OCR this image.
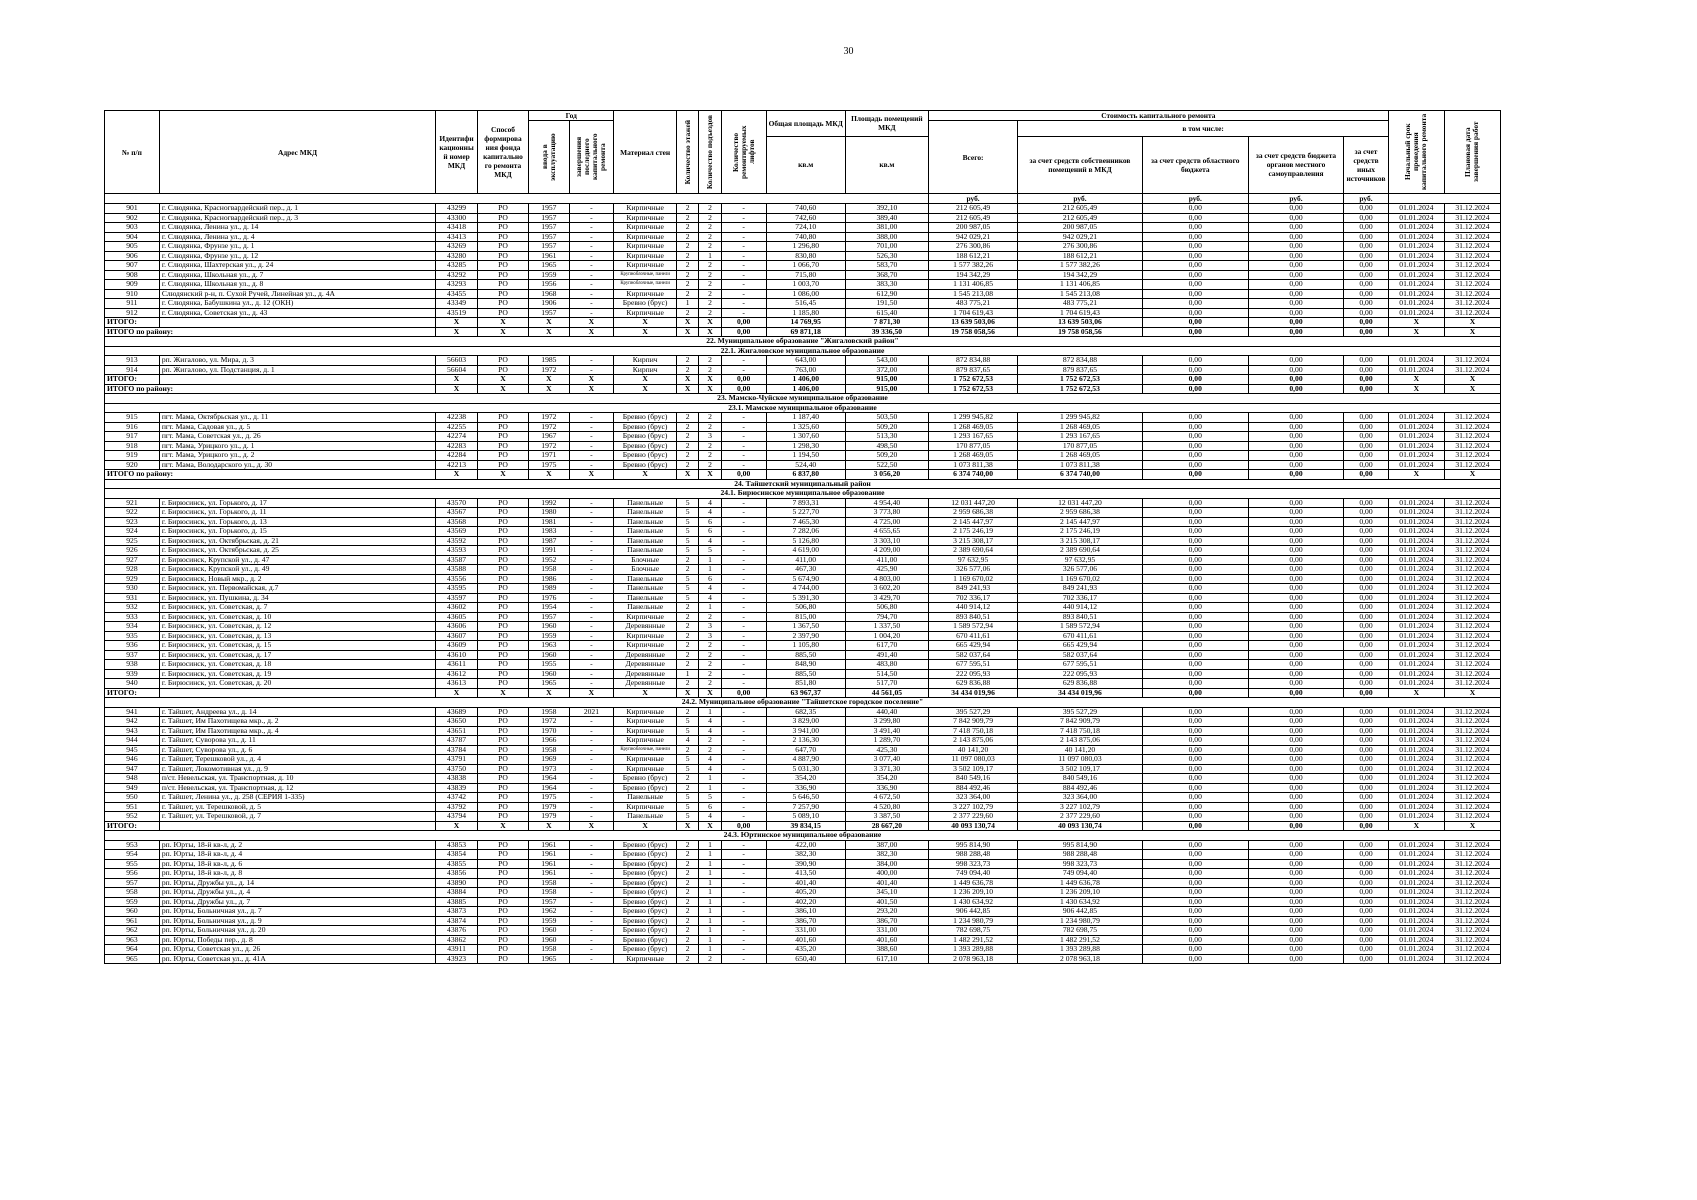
30
№ п/п	Адрес МКД	Идентифи кационны й номер МКД	Способ формирова ния фонда капитально го ремонта МКД	Год		Материал стен	Количество этажей	Количество подъездов	Количество ремонтируемых лифтов	Общая площадь МКД	Площадь помещений МКД	Стоимость капитального ремонта					Начальный срок проведения капитального ремонта	Плановая дата завершения работ

				ввода в эксплуатацию	завершения последнего капитального ремонта							Всего:	в том числе:					
										кв.м	кв.м		за счет средств собственников помещений в МКД	за счет средств областного бюджета	за счет средств бюджета органов местного самоуправления	за счет средств иных источников		
												руб.	руб.	руб.	руб.	руб.		
901	г. Слюдянка, Красногвардейский пер., д. 1	43299	РО	1957	-	Кирпичные	2	2	-	740,60	392,10	212 605,49	212 605,49	0,00	0,00	0,00	01.01.2024	31.12.2024
902	г. Слюдянка, Красногвардейский пер., д. 3	43300	РО	1957	-	Кирпичные	2	2	-	742,60	389,40	212 605,49	212 605,49	0,00	0,00	0,00	01.01.2024	31.12.2024
903	г. Слюдянка, Ленина ул., д. 14	43418	РО	1957	-	Кирпичные	2	2	-	724,10	381,00	200 987,05	200 987,05	0,00	0,00	0,00	01.01.2024	31.12.2024
904	г. Слюдянка, Ленина ул., д. 4	43413	РО	1957	-	Кирпичные	2	2	-	740,80	388,00	942 029,21	942 029,21	0,00	0,00	0,00	01.01.2024	31.12.2024
905	г. Слюдянка, Фрунзе ул., д. 1	43269	РО	1957	-	Кирпичные	2	2	-	1 296,80	701,00	276 300,86	276 300,86	0,00	0,00	0,00	01.01.2024	31.12.2024
906	г. Слюдянка, Фрунзе ул., д. 12	43280	РО	1961	-	Кирпичные	2	1	-	830,80	526,30	188 612,21	188 612,21	0,00	0,00	0,00	01.01.2024	31.12.2024
907	г. Слюдянка, Шахтерская ул., д. 24	43285	РО	1965	-	Кирпичные	2	2	-	1 066,70	583,70	1 577 382,26	1 577 382,26	0,00	0,00	0,00	01.01.2024	31.12.2024
908	г. Слюдянка, Школьная ул., д. 7	43292	РО	1959	-	Крупноблочные, панели	2	2	-	715,80	368,70	194 342,29	194 342,29	0,00	0,00	0,00	01.01.2024	31.12.2024
909	г. Слюдянка, Школьная ул., д. 8	43293	РО	1956	-	Крупноблочные, панели	2	2	-	1 003,70	383,30	1 131 406,85	1 131 406,85	0,00	0,00	0,00	01.01.2024	31.12.2024
910	Слюдянский р-н, п. Сухой Ручей, Линейная ул., д. 4А	43455	РО	1968	-	Кирпичные	2	2	-	1 086,00	612,90	1 545 213,08	1 545 213,08	0,00	0,00	0,00	01.01.2024	31.12.2024
911	г. Слюдянка, Бабушкина ул., д. 12 (ОКН)	43349	РО	1906	-	Бревно (брус)	1	2	-	516,45	191,50	483 775,21	483 775,21	0,00	0,00	0,00	01.01.2024	31.12.2024
912	г. Слюдянка, Советская ул., д. 43	43519	РО	1957	-	Кирпичные	2	2	-	1 185,80	615,40	1 704 619,43	1 704 619,43	0,00	0,00	0,00	01.01.2024	31.12.2024
ИТОГО:		X	X	X	X	X	X	X	0,00	14 769,95	7 871,30	13 639 503,06	13 639 503,06	0,00	0,00	0,00	X	X
ИТОГО по району:		X	X	X	X	X	X	X	0,00	69 871,18	39 336,50	19 758 058,56	19 758 058,56	0,00	0,00	0,00	X	X
22. Муниципальное образование "Жигаловский район"																		
22.1. Жигаловское муниципальное образование																		
913	рп. Жигалово, ул. Мира, д. 3	56603	РО	1985	-	Кирпич	2	2	-	643,00	543,00	872 834,88	872 834,88	0,00	0,00	0,00	01.01.2024	31.12.2024
914	рп. Жигалово, ул. Подстанция, д. 1	56604	РО	1972	-	Кирпич	2	2	-	763,00	372,00	879 837,65	879 837,65	0,00	0,00	0,00	01.01.2024	31.12.2024
ИТОГО:		X	X	X	X	X	X	X	0,00	1 406,00	915,00	1 752 672,53	1 752 672,53	0,00	0,00	0,00	X	X
ИТОГО по району:		X	X	X	X	X	X	X	0,00	1 406,00	915,00	1 752 672,53	1 752 672,53	0,00	0,00	0,00	X	X
23. Мамско-Чуйское муниципальное образование																		
23.1. Мамское муниципальное образование																		
915	пгт. Мама, Октябрьская ул., д. 11	42238	РО	1972	-	Бревно (брус)	2	2	-	1 187,40	503,50	1 299 945,82	1 299 945,82	0,00	0,00	0,00	01.01.2024	31.12.2024
916	пгт. Мама, Садовая ул., д. 5	42255	РО	1972	-	Бревно (брус)	2	2	-	1 325,60	509,20	1 268 469,05	1 268 469,05	0,00	0,00	0,00	01.01.2024	31.12.2024
917	пгт. Мама, Советская ул., д. 26	42274	РО	1967	-	Бревно (брус)	2	3	-	1 307,60	513,30	1 293 167,65	1 293 167,65	0,00	0,00	0,00	01.01.2024	31.12.2024
918	пгт. Мама, Урицкого ул., д. 1	42283	РО	1972	-	Бревно (брус)	2	2	-	1 298,30	498,50	170 877,05	170 877,05	0,00	0,00	0,00	01.01.2024	31.12.2024
919	пгт. Мама, Урицкого ул., д. 2	42284	РО	1971	-	Бревно (брус)	2	2	-	1 194,50	509,20	1 268 469,05	1 268 469,05	0,00	0,00	0,00	01.01.2024	31.12.2024
920	пгт. Мама, Володарского ул., д. 30	42213	РО	1975	-	Бревно (брус)	2	2	-	524,40	522,50	1 073 811,38	1 073 811,38	0,00	0,00	0,00	01.01.2024	31.12.2024
ИТОГО по району:		X	X	X	X	X	X	X	0,00	6 837,80	3 056,20	6 374 740,00	6 374 740,00	0,00	0,00	0,00	X	X
24. Тайшетский муниципальный район																		
24.1. Бирюсинское муниципальное образование																		
921	г. Бирюсинск, ул. Горького, д. 17	43570	РО	1992	-	Панельные	5	4	-	7 893,31	4 954,40	12 031 447,20	12 031 447,20	0,00	0,00	0,00	01.01.2024	31.12.2024
922	г. Бирюсинск, ул. Горького, д. 11	43567	РО	1980	-	Панельные	5	4	-	5 227,70	3 773,80	2 959 686,38	2 959 686,38	0,00	0,00	0,00	01.01.2024	31.12.2024
923	г. Бирюсинск, ул. Горького, д. 13	43568	РО	1981	-	Панельные	5	6	-	7 465,30	4 725,00	2 145 447,97	2 145 447,97	0,00	0,00	0,00	01.01.2024	31.12.2024
924	г. Бирюсинск, ул. Горького, д. 15	43569	РО	1983	-	Панельные	5	6	-	7 282,06	4 655,65	2 175 246,19	2 175 246,19	0,00	0,00	0,00	01.01.2024	31.12.2024
925	г. Бирюсинск, ул. Октябрьская, д. 21	43592	РО	1987	-	Панельные	5	4	-	5 126,80	3 303,10	3 215 308,17	3 215 308,17	0,00	0,00	0,00	01.01.2024	31.12.2024
926	г. Бирюсинск, ул. Октябрьская, д. 25	43593	РО	1991	-	Панельные	5	5	-	4 619,00	4 209,00	2 389 690,64	2 389 690,64	0,00	0,00	0,00	01.01.2024	31.12.2024
927	г. Бирюсинск, Крупской ул., д. 47	43587	РО	1952	-	Блочные	2	1	-	411,00	411,00	97 632,95	97 632,95	0,00	0,00	0,00	01.01.2024	31.12.2024
928	г. Бирюсинск, Крупской ул., д. 49	43588	РО	1958	-	Блочные	2	1	-	467,30	425,90	326 577,06	326 577,06	0,00	0,00	0,00	01.01.2024	31.12.2024
929	г. Бирюсинск, Новый мкр., д. 2	43556	РО	1986	-	Панельные	5	6	-	5 674,90	4 803,00	1 169 670,02	1 169 670,02	0,00	0,00	0,00	01.01.2024	31.12.2024
930	г. Бирюсинск, ул. Первомайская, д.7	43595	РО	1989	-	Панельные	5	4	-	4 744,00	3 602,20	849 241,93	849 241,93	0,00	0,00	0,00	01.01.2024	31.12.2024
931	г. Бирюсинск, ул. Пушкина, д. 34	43597	РО	1976	-	Панельные	5	4	-	5 391,30	3 429,70	702 336,17	702 336,17	0,00	0,00	0,00	01.01.2024	31.12.2024
932	г. Бирюсинск, ул. Советская, д. 7	43602	РО	1954	-	Панельные	2	1	-	506,80	506,80	440 914,12	440 914,12	0,00	0,00	0,00	01.01.2024	31.12.2024
933	г. Бирюсинск, ул. Советская, д. 10	43605	РО	1957	-	Кирпичные	2	2	-	815,00	794,70	893 840,51	893 840,51	0,00	0,00	0,00	01.01.2024	31.12.2024
934	г. Бирюсинск, ул. Советская, д. 12	43606	РО	1960	-	Деревянные	2	3	-	1 367,50	1 337,50	1 589 572,94	1 589 572,94	0,00	0,00	0,00	01.01.2024	31.12.2024
935	г. Бирюсинск, ул. Советская, д. 13	43607	РО	1959	-	Кирпичные	2	3	-	2 397,90	1 004,20	670 411,61	670 411,61	0,00	0,00	0,00	01.01.2024	31.12.2024
936	г. Бирюсинск, ул. Советская, д. 15	43609	РО	1963	-	Кирпичные	2	2	-	1 105,80	617,70	665 429,94	665 429,94	0,00	0,00	0,00	01.01.2024	31.12.2024
937	г. Бирюсинск, ул. Советская, д. 17	43610	РО	1960	-	Деревянные	2	2	-	885,50	491,40	582 037,64	582 037,64	0,00	0,00	0,00	01.01.2024	31.12.2024
938	г. Бирюсинск, ул. Советская, д. 18	43611	РО	1955	-	Деревянные	2	2	-	848,90	483,80	677 595,51	677 595,51	0,00	0,00	0,00	01.01.2024	31.12.2024
939	г. Бирюсинск, ул. Советская, д. 19	43612	РО	1960	-	Деревянные	1	2	-	885,50	514,50	222 095,93	222 095,93	0,00	0,00	0,00	01.01.2024	31.12.2024
940	г. Бирюсинск, ул. Советская, д. 20	43613	РО	1965	-	Деревянные	2	2	-	851,80	517,70	629 836,88	629 836,88	0,00	0,00	0,00	01.01.2024	31.12.2024
ИТОГО:		X	X	X	X	X	X	X	0,00	63 967,37	44 561,05	34 434 019,96	34 434 019,96	0,00	0,00	0,00	X	X
24.2. Муниципальное образование "Тайшетское городское поселение"																		
941	г. Тайшет, Андреева ул., д. 14	43689	РО	1958	2021	Кирпичные	2	1	-	682,35	440,40	395 527,29	395 527,29	0,00	0,00	0,00	01.01.2024	31.12.2024
942	г. Тайшет, Им Пахотищева мкр., д. 2	43650	РО	1972	-	Кирпичные	5	4	-	3 829,00	3 299,80	7 842 909,79	7 842 909,79	0,00	0,00	0,00	01.01.2024	31.12.2024
943	г. Тайшет, Им Пахотищева мкр., д. 4	43651	РО	1970	-	Кирпичные	5	4	-	3 941,00	3 491,40	7 418 750,18	7 418 750,18	0,00	0,00	0,00	01.01.2024	31.12.2024
944	г. Тайшет, Суворова ул., д. 11	43787	РО	1966	-	Кирпичные	4	2	-	2 136,30	1 289,70	2 143 875,06	2 143 875,06	0,00	0,00	0,00	01.01.2024	31.12.2024
945	г. Тайшет, Суворова ул., д. 6	43784	РО	1958	-	Крупноблочные, панели	2	2	-	647,70	425,30	40 141,20	40 141,20	0,00	0,00	0,00	01.01.2024	31.12.2024
946	г. Тайшет, Терешковой ул., д. 4	43791	РО	1969	-	Кирпичные	5	4	-	4 887,90	3 077,40	11 097 080,03	11 097 080,03	0,00	0,00	0,00	01.01.2024	31.12.2024
947	г. Тайшет, Локомотивная ул., д. 9	43750	РО	1973	-	Кирпичные	5	4	-	5 031,30	3 371,30	3 502 109,17	3 502 109,17	0,00	0,00	0,00	01.01.2024	31.12.2024
948	п/ст. Невельская, ул. Транспортная, д. 10	43838	РО	1964	-	Бревно (брус)	2	1	-	354,20	354,20	840 549,16	840 549,16	0,00	0,00	0,00	01.01.2024	31.12.2024
949	п/ст. Невельская, ул. Транспортная, д. 12	43839	РО	1964	-	Бревно (брус)	2	1	-	336,90	336,90	884 492,46	884 492,46	0,00	0,00	0,00	01.01.2024	31.12.2024
950	г. Тайшет, Ленина ул., д. 258 (СЕРИЯ 1-335)	43742	РО	1975	-	Панельные	5	5	-	5 646,50	4 672,50	323 364,00	323 364,00	0,00	0,00	0,00	01.01.2024	31.12.2024
951	г. Тайшет, ул. Терешковой, д. 5	43792	РО	1979	-	Кирпичные	5	6	-	7 257,90	4 520,80	3 227 102,79	3 227 102,79	0,00	0,00	0,00	01.01.2024	31.12.2024
952	г. Тайшет, ул. Терешковой, д. 7	43794	РО	1979	-	Панельные	5	4	-	5 089,10	3 387,50	2 377 229,60	2 377 229,60	0,00	0,00	0,00	01.01.2024	31.12.2024
ИТОГО:		X	X	X	X	X	X	X	0,00	39 834,15	28 667,20	40 093 130,74	40 093 130,74	0,00	0,00	0,00	X	X
24.3. Юртинское муниципальное образование																		
953	рп. Юрты, 18-й кв-л, д. 2	43853	РО	1961	-	Бревно (брус)	2	1	-	422,00	387,00	995 814,90	995 814,90	0,00	0,00	0,00	01.01.2024	31.12.2024
954	рп. Юрты, 18-й кв-л, д. 4	43854	РО	1961	-	Бревно (брус)	2	1	-	382,30	382,30	988 288,48	988 288,48	0,00	0,00	0,00	01.01.2024	31.12.2024
955	рп. Юрты, 18-й кв-л, д. 6	43855	РО	1961	-	Бревно (брус)	2	1	-	390,90	384,00	998 323,73	998 323,73	0,00	0,00	0,00	01.01.2024	31.12.2024
956	рп. Юрты, 18-й кв-л, д. 8	43856	РО	1961	-	Бревно (брус)	2	1	-	413,50	400,00	749 094,40	749 094,40	0,00	0,00	0,00	01.01.2024	31.12.2024
957	рп. Юрты, Дружбы ул., д. 14	43890	РО	1958	-	Бревно (брус)	2	1	-	401,40	401,40	1 449 636,78	1 449 636,78	0,00	0,00	0,00	01.01.2024	31.12.2024
958	рп. Юрты, Дружбы ул., д. 4	43884	РО	1958	-	Бревно (брус)	2	1	-	405,20	345,10	1 236 209,10	1 236 209,10	0,00	0,00	0,00	01.01.2024	31.12.2024
959	рп. Юрты, Дружбы ул., д. 7	43885	РО	1957	-	Бревно (брус)	2	1	-	402,20	401,50	1 430 634,92	1 430 634,92	0,00	0,00	0,00	01.01.2024	31.12.2024
960	рп. Юрты, Больничная ул., д. 7	43873	РО	1962	-	Бревно (брус)	2	1	-	386,10	293,20	906 442,85	906 442,85	0,00	0,00	0,00	01.01.2024	31.12.2024
961	рп. Юрты, Больничная ул., д. 9	43874	РО	1959	-	Бревно (брус)	2	1	-	386,70	386,70	1 234 980,79	1 234 980,79	0,00	0,00	0,00	01.01.2024	31.12.2024
962	рп. Юрты, Больничная ул., д. 20	43876	РО	1960	-	Бревно (брус)	2	1	-	331,00	331,00	782 698,75	782 698,75	0,00	0,00	0,00	01.01.2024	31.12.2024
963	рп. Юрты, Победы пер., д. 8	43862	РО	1960	-	Бревно (брус)	2	1	-	401,60	401,60	1 482 291,52	1 482 291,52	0,00	0,00	0,00	01.01.2024	31.12.2024
964	рп. Юрты, Советская ул., д. 26	43911	РО	1958	-	Бревно (брус)	2	1	-	435,20	388,60	1 393 289,88	1 393 289,88	0,00	0,00	0,00	01.01.2024	31.12.2024
965	рп. Юрты, Советская ул., д. 41А	43923	РО	1965	-	Кирпичные	2	2	-	650,40	617,10	2 078 963,18	2 078 963,18	0,00	0,00	0,00	01.01.2024	31.12.2024
